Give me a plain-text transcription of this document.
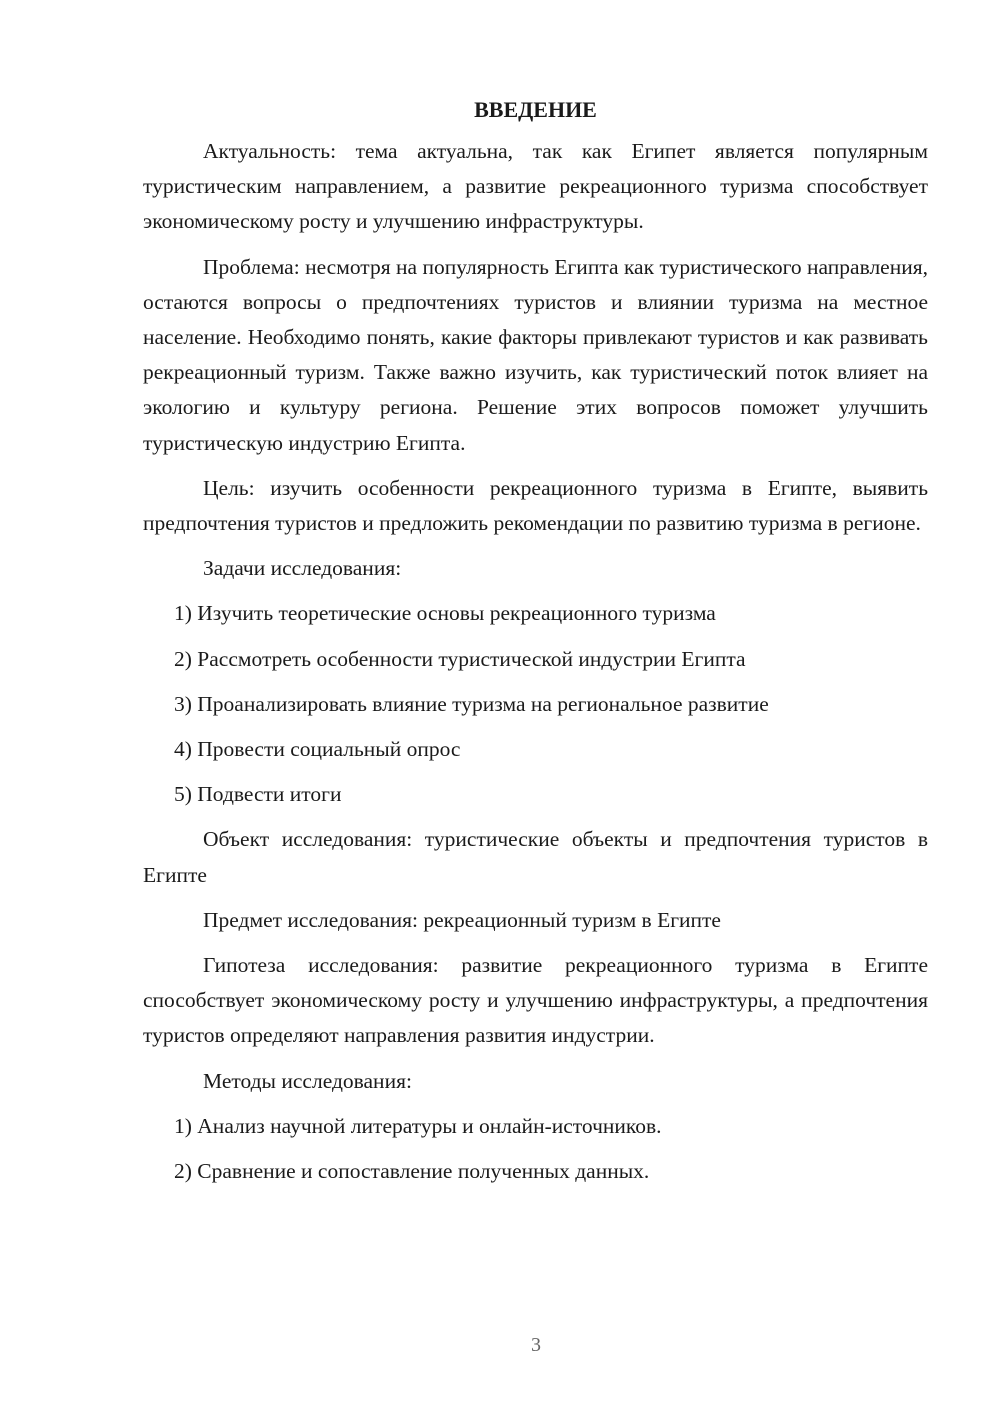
ВВЕДЕНИЕ

Актуальность: тема актуальна, так как Египет является популярным туристическим направлением, а развитие рекреационного туризма способствует экономическому росту и улучшению инфраструктуры.

Проблема: несмотря на популярность Египта как туристического направления, остаются вопросы о предпочтениях туристов и влиянии туризма на местное население. Необходимо понять, какие факторы привлекают туристов и как развивать рекреационный туризм. Также важно изучить, как туристический поток влияет на экологию и культуру региона. Решение этих вопросов поможет улучшить туристическую индустрию Египта.

Цель: изучить особенности рекреационного туризма в Египте, выявить предпочтения туристов и предложить рекомендации по развитию туризма в регионе.

Задачи исследования:

1) Изучить теоретические основы рекреационного туризма
2) Рассмотреть особенности туристической индустрии Египта
3) Проанализировать влияние туризма на региональное развитие
4) Провести социальный опрос
5) Подвести итоги

Объект исследования: туристические объекты и предпочтения туристов в Египте

Предмет исследования: рекреационный туризм в Египте

Гипотеза исследования: развитие рекреационного туризма в Египте способствует экономическому росту и улучшению инфраструктуры, а предпочтения туристов определяют направления развития индустрии.

Методы исследования:

1) Анализ научной литературы и онлайн-источников.
2) Сравнение и сопоставление полученных данных.
3
